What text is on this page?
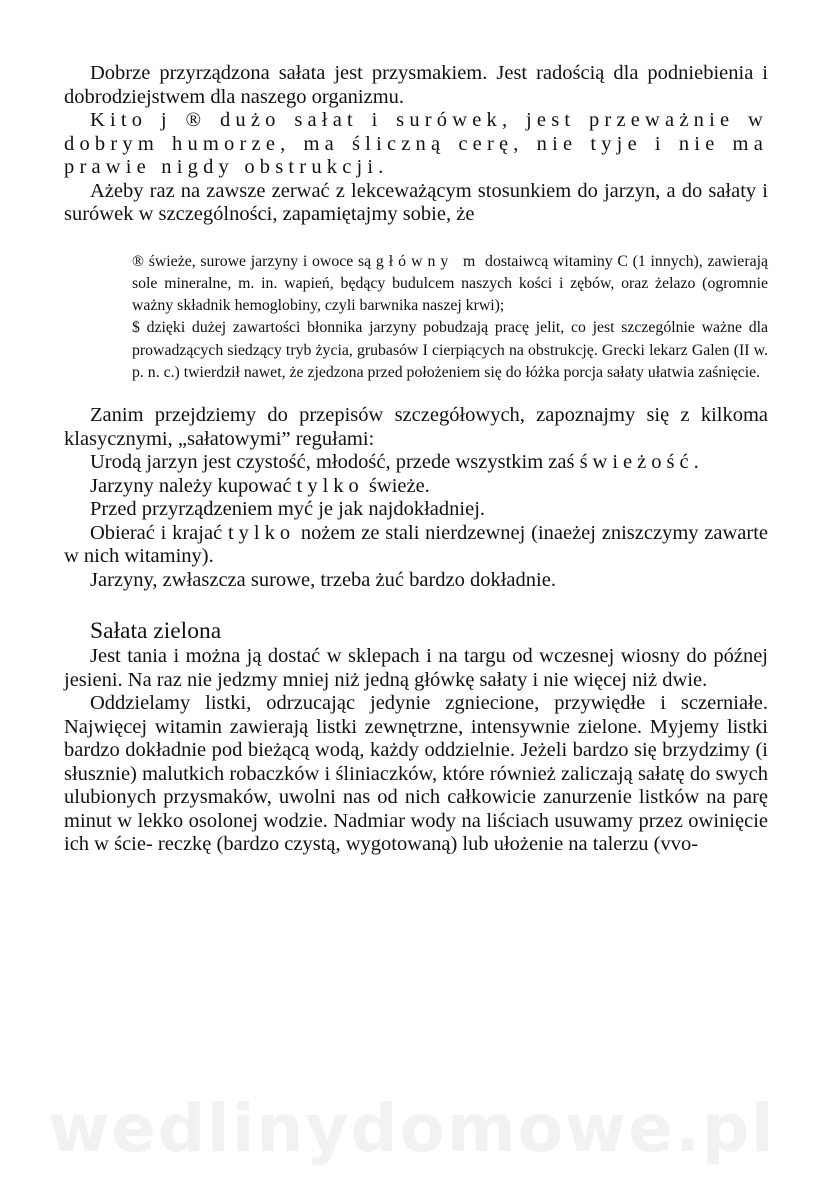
Dobrze przyrządzona sałata jest przysmakiem. Jest radością dla podniebienia i dobrodziejstwem dla naszego organizmu.

Kito j ® dużo sałat i surówek, jest przeważnie w dobrym humorze, ma śliczną cerę, nie tyje i nie ma prawie nigdy obstrukcji.

Ażeby raz na zawsze zerwać z lekceważącym stosunkiem do jarzyn, a do sałaty i surówek w szczególności, zapamiętajmy sobie, że

® świeże, surowe jarzyny i owoce są główny m dostaiwcą witaminy C (1 innych), zawierają sole mineralne, m. in. wapień, będący budulcem naszych kości i zębów, oraz żelazo (ogromnie ważny składnik hemoglobiny, czyli barwnika naszej krwi);

$ dzięki dużej zawartości błonnika jarzyny pobudzają pracę jelit, co jest szczególnie ważne dla prowadzących siedzący tryb życia, grubasów I cierpiących na obstrukcję. Grecki lekarz Galen (II w. p. n. c.) twierdził nawet, że zjedzona przed położeniem się do łóżka porcja sałaty ułatwia zaśnięcie.

Zanim przejdziemy do przepisów szczegółowych, zapoznajmy się z kilkoma klasycznymi, „sałatowymi” regułami:

Urodą jarzyn jest czystość, młodość, przede wszystkim zaś świeżość.

Jarzyny należy kupować tylko świeże.

Przed przyrządzeniem myć je jak najdokładniej.

Obierać i krajać tylko nożem ze stali nierdzewnej (inaeżej zniszczymy zawarte w nich witaminy).

Jarzyny, zwłaszcza surowe, trzeba żuć bardzo dokładnie.

Sałata zielona

Jest tania i można ją dostać w sklepach i na targu od wczesnej wiosny do późnej jesieni. Na raz nie jedzmy mniej niż jedną główkę sałaty i nie więcej niż dwie.

Oddzielamy listki, odrzucając jedynie zgniecione, przywiędłe i sczerniałe. Najwięcej witamin zawierają listki zewnętrzne, intensywnie zielone. Myjemy listki bardzo dokładnie pod bieżącą wodą, każdy oddzielnie. Jeżeli bardzo się brzydzimy (i słusznie) malutkich robaczków i śliniaczków, które również zaliczają sałatę do swych ulubionych przysmaków, uwolni nas od nich całkowicie zanurzenie listków na parę minut w lekko osolonej wodzie. Nadmiar wody na liściach usuwamy przez owinięcie ich w ście- reczkę (bardzo czystą, wygotowaną) lub ułożenie na talerzu (vvo-

wedlinydomowe.pl
